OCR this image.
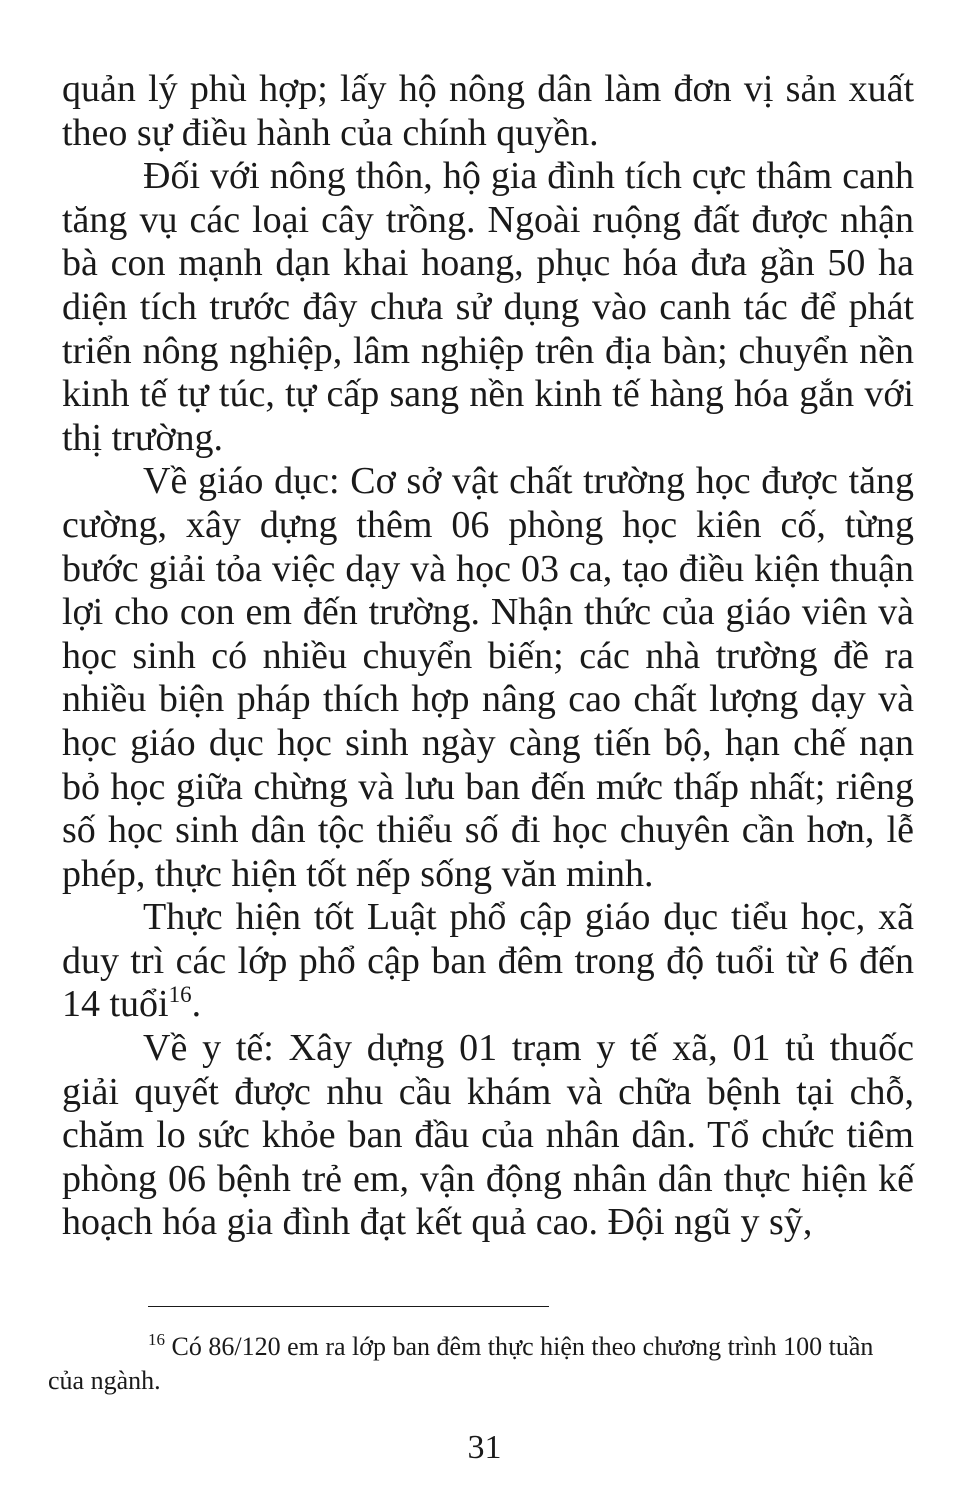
quản lý phù hợp; lấy hộ nông dân làm đơn vị sản xuất theo sự điều hành của chính quyền.

Đối với nông thôn, hộ gia đình tích cực thâm canh tăng vụ các loại cây trồng. Ngoài ruộng đất được nhận bà con mạnh dạn khai hoang, phục hóa đưa gần 50 ha diện tích trước đây chưa sử dụng vào canh tác để phát triển nông nghiệp, lâm nghiệp trên địa bàn; chuyển nền kinh tế tự túc, tự cấp sang nền kinh tế hàng hóa gắn với thị trường.

Về giáo dục: Cơ sở vật chất trường học được tăng cường, xây dựng thêm 06 phòng học kiên cố, từng bước giải tỏa việc dạy và học 03 ca, tạo điều kiện thuận lợi cho con em đến trường. Nhận thức của giáo viên và học sinh có nhiều chuyển biến; các nhà trường đề ra nhiều biện pháp thích hợp nâng cao chất lượng dạy và học giáo dục học sinh ngày càng tiến bộ, hạn chế nạn bỏ học giữa chừng và lưu ban đến mức thấp nhất; riêng số học sinh dân tộc thiểu số đi học chuyên cần hơn, lễ phép, thực hiện tốt nếp sống văn minh.

Thực hiện tốt Luật phổ cập giáo dục tiểu học, xã duy trì các lớp phổ cập ban đêm trong độ tuổi từ 6 đến 14 tuổi$^{16}$.

Về y tế: Xây dựng 01 trạm y tế xã, 01 tủ thuốc giải quyết được nhu cầu khám và chữa bệnh tại chỗ, chăm lo sức khỏe ban đầu của nhân dân. Tổ chức tiêm phòng 06 bệnh trẻ em, vận động nhân dân thực hiện kế hoạch hóa gia đình đạt kết quả cao. Đội ngũ y sỹ,

$^{16}$ Có 86/120 em ra lớp ban đêm thực hiện theo chương trình 100 tuần của ngành.

31
